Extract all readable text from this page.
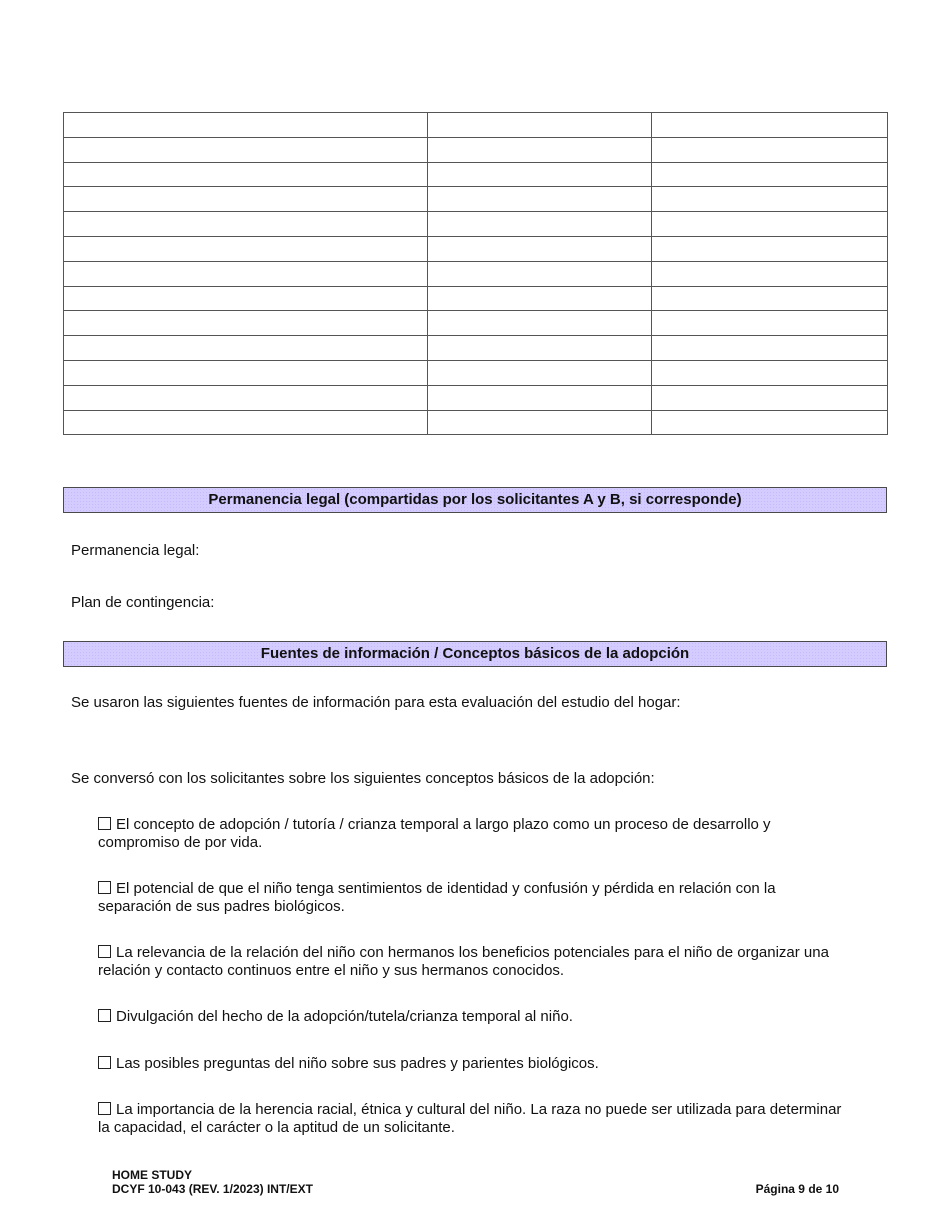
Permanencia legal (compartidas por los solicitantes A y B, si corresponde)
Permanencia legal:
Plan de contingencia:
Fuentes de información / Conceptos básicos de la adopción
Se usaron las siguientes fuentes de información para esta evaluación del estudio del hogar:
Se conversó con los solicitantes sobre los siguientes conceptos básicos de la adopción:
El concepto de adopción / tutoría / crianza temporal a largo plazo como un proceso de desarrollo y
compromiso de por vida.
El potencial de que el niño tenga sentimientos de identidad y confusión y pérdida en relación con la
separación de sus padres biológicos.
La relevancia de la relación del niño con hermanos los beneficios potenciales para el niño de organizar una
relación y contacto continuos entre el niño y sus hermanos conocidos.
Divulgación del hecho de la adopción/tutela/crianza temporal al niño.
Las posibles preguntas del niño sobre sus padres y parientes biológicos.
La importancia de la herencia racial, étnica y cultural del niño. La raza no puede ser utilizada para determinar
la capacidad, el carácter o la aptitud de un solicitante.
HOME STUDY
DCYF 10-043 (REV. 1/2023) INT/EXT	Página 9 de 10
